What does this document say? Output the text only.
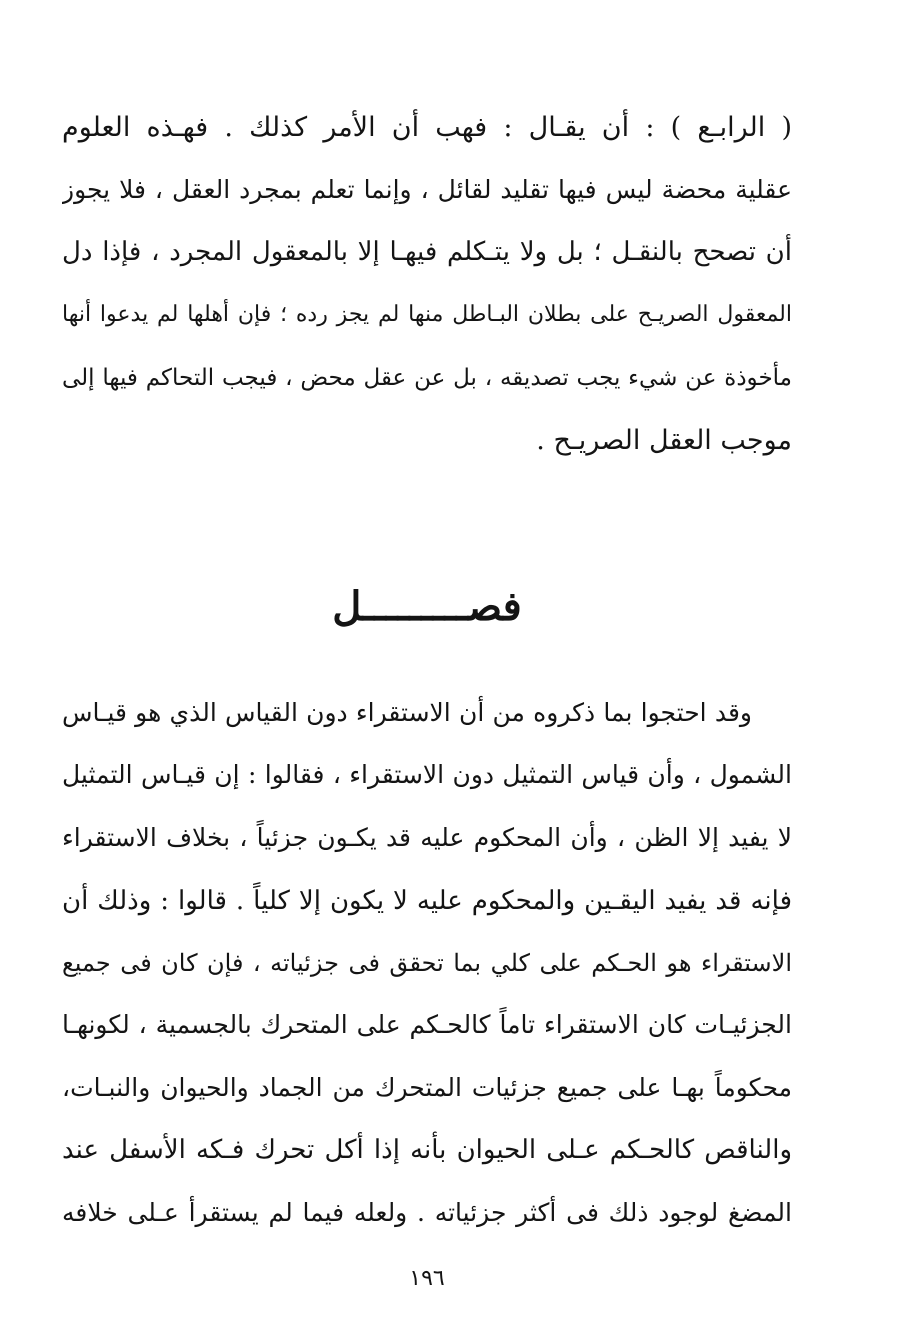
( الرابـع ) : أن يقـال : فهب أن الأمر كذلك . فهـذه العلوم
عقلية محضة ليس فيها تقليد لقائل ، وإنما تعلم بمجرد العقل ، فلا يجوز
أن تصحح بالنقـل ؛ بل ولا يتـكلم فيهـا إلا بالمعقول المجرد ، فإذا دل
المعقول الصريـح على بطلان البـاطل منها لم يجز رده ؛ فإن أهلها لم يدعوا أنها
مأخوذة عن شيء يجب تصديقه ، بل عن عقل محض ، فيجب التحاكم فيها إلى
موجب العقل الصريـح .
فصـــــــــل
وقد احتجوا بما ذكروه من أن الاستقراء دون القياس الذي هو قيـاس
الشمول ، وأن قياس التمثيل دون الاستقراء ، فقالوا : إن قيـاس التمثيل
لا يفيد إلا الظن ، وأن المحكوم عليه قد يكـون جزئياً ، بخلاف الاستقراء
فإنه قد يفيد اليقـين والمحكوم عليه لا يكون إلا كلياً . قالوا : وذلك أن
الاستقراء هو الحـكم على كلي بما تحقق فى جزئياته ، فإن كان فى جميع
الجزئيـات كان الاستقراء تاماً كالحـكم على المتحرك بالجسمية ، لكونهـا
محكوماً بهـا على جميع جزئيات المتحرك من الجماد والحيوان والنبـات،
والناقص كالحـكم عـلى الحيوان بأنه إذا أكل تحرك فـكه الأسفل عند
المضغ لوجود ذلك فى أكثر جزئياته . ولعله فيما لم يستقرأ عـلى خلافه
١٩٦
